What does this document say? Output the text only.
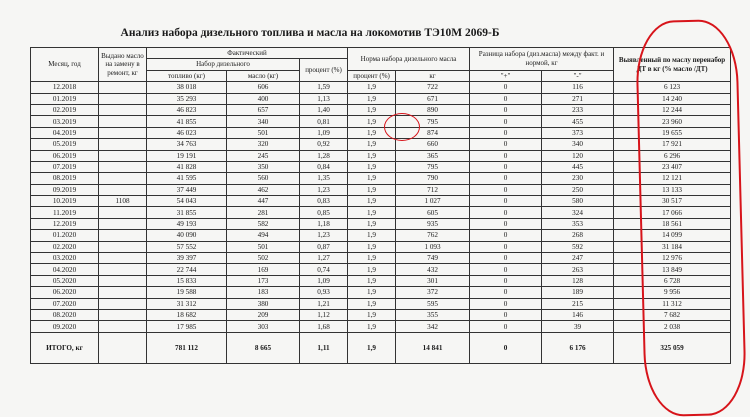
Анализ набора дизельного топлива и масла на локомотив ТЭ10М 2069-Б
Месяц, год	Выдано масло на замену в ремонт, кг	Фактический			Норма набора дизельного масла		Разница набора (диз.масла) между факт. и нормой, кг		Выявленный по маслу перенабор ДТ в кг (% масло /ДТ)
		Набор дизельного		процент (%)					
		топливо (кг)	масло (кг)		процент (%)	кг	"+"	"-"	
12.2018		38 018	606	1,59	1,9	722	0	116	6 123
01.2019		35 293	400	1,13	1,9	671	0	271	14 240
02.2019		46 823	657	1,40	1,9	890	0	233	12 244
03.2019		41 855	340	0,81	1,9	795	0	455	23 960
04.2019		46 023	501	1,09	1,9	874	0	373	19 655
05.2019		34 763	320	0,92	1,9	660	0	340	17 921
06.2019		19 191	245	1,28	1,9	365	0	120	6 296
07.2019		41 828	350	0,84	1,9	795	0	445	23 407
08.2019		41 595	560	1,35	1,9	790	0	230	12 121
09.2019		37 449	462	1,23	1,9	712	0	250	13 133
10.2019	1108	54 043	447	0,83	1,9	1 027	0	580	30 517
11.2019		31 855	281	0,85	1,9	605	0	324	17 066
12.2019		49 193	582	1,18	1,9	935	0	353	18 561
01.2020		40 090	494	1,23	1,9	762	0	268	14 099
02.2020		57 552	501	0,87	1,9	1 093	0	592	31 184
03.2020		39 397	502	1,27	1,9	749	0	247	12 976
04.2020		22 744	169	0,74	1,9	432	0	263	13 849
05.2020		15 833	173	1,09	1,9	301	0	128	6 728
06.2020		19 588	183	0,93	1,9	372	0	189	9 956
07.2020		31 312	380	1,21	1,9	595	0	215	11 312
08.2020		18 682	209	1,12	1,9	355	0	146	7 682
09.2020		17 985	303	1,68	1,9	342	0	39	2 038
ИТОГО, кг		781 112	8 665	1,11	1,9	14 841	0	6 176	325 059
